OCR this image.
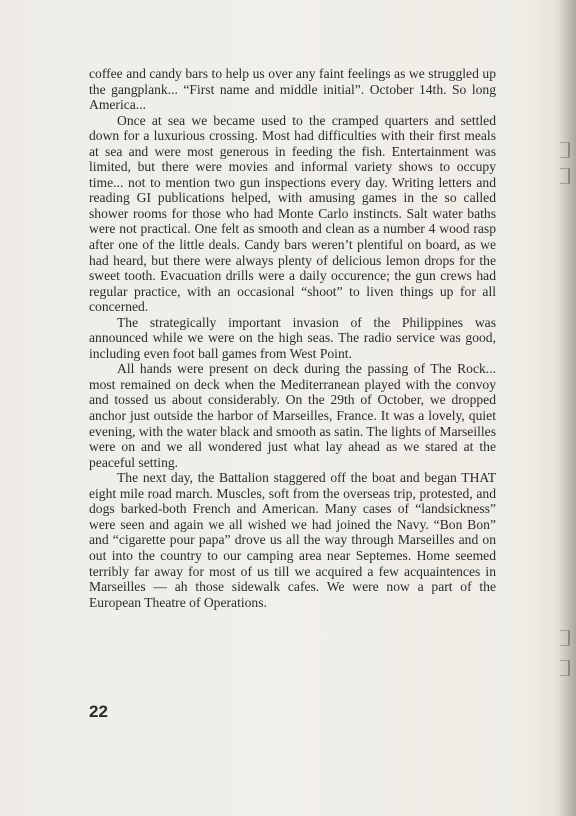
coffee and candy bars to help us over any faint feelings as we struggled up the gangplank... “First name and middle initial”. October 14th. So long America...

Once at sea we became used to the cramped quarters and settled down for a luxurious crossing. Most had difficulties with their first meals at sea and were most generous in feeding the fish. Entertainment was limited, but there were movies and informal variety shows to occupy time... not to mention two gun inspections every day. Writing letters and reading GI publications helped, with amusing games in the so called shower rooms for those who had Monte Carlo instincts. Salt water baths were not practical. One felt as smooth and clean as a number 4 wood rasp after one of the little deals. Candy bars weren’t plentiful on board, as we had heard, but there were always plenty of delicious lemon drops for the sweet tooth. Evacuation drills were a daily occurence; the gun crews had regular practice, with an occasional “shoot” to liven things up for all concerned.

The strategically important invasion of the Philippines was announced while we were on the high seas. The radio service was good, including even foot ball games from West Point.

All hands were present on deck during the passing of The Rock... most remained on deck when the Mediterranean played with the convoy and tossed us about considerably. On the 29th of October, we dropped anchor just outside the harbor of Marseilles, France. It was a lovely, quiet evening, with the water black and smooth as satin. The lights of Marseilles were on and we all wondered just what lay ahead as we stared at the peaceful setting.

The next day, the Battalion staggered off the boat and began THAT eight mile road march. Muscles, soft from the overseas trip, protested, and dogs barked-both French and American. Many cases of “landsickness” were seen and again we all wished we had joined the Navy. “Bon Bon” and “cigarette pour papa” drove us all the way through Marseilles and on out into the country to our camping area near Septemes. Home seemed terribly far away for most of us till we acquired a few acquaintences in Marseilles — ah those sidewalk cafes. We were now a part of the European Theatre of Operations.

22
